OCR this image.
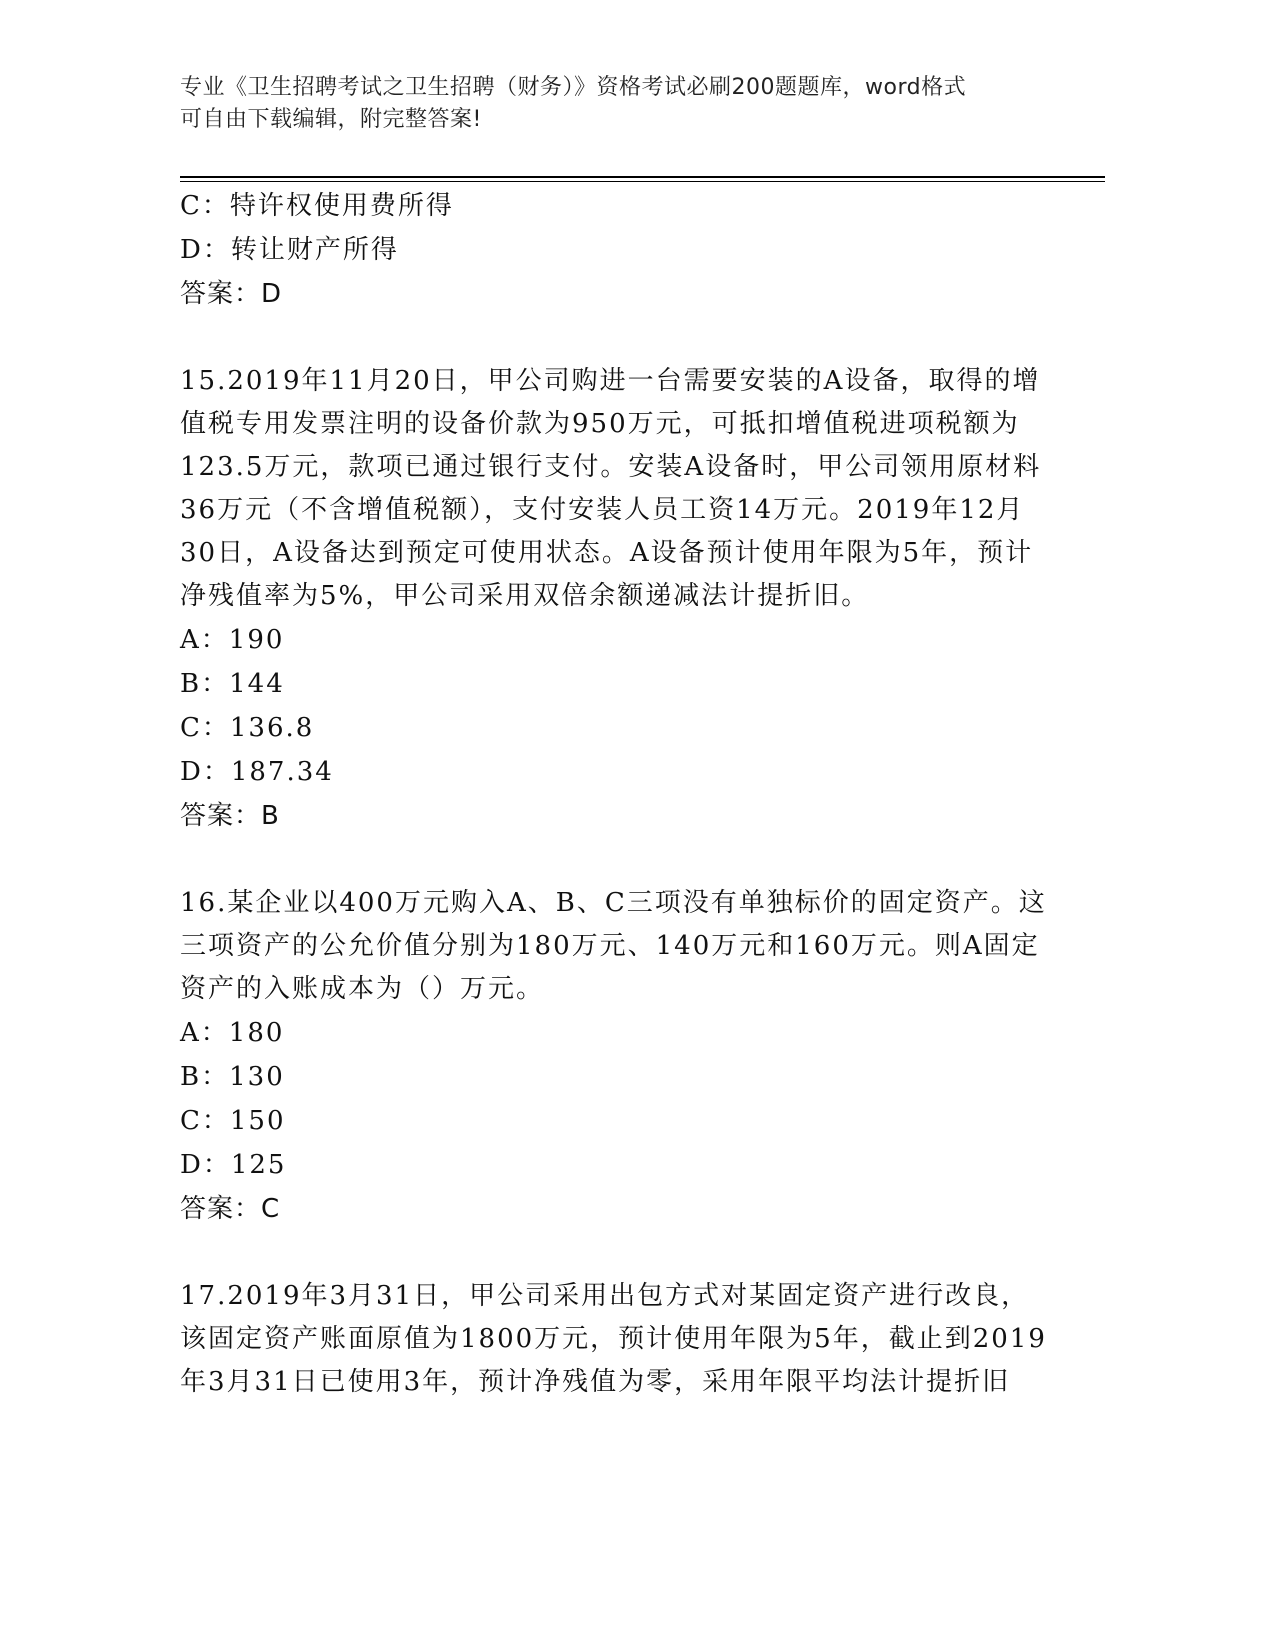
专业《卫生招聘考试之卫生招聘（财务）》资格考试必刷200题题库，word格式
可自由下载编辑，附完整答案!
C：特许权使用费所得
D：转让财产所得
答案：D
15.2019年11月20日，甲公司购进一台需要安装的A设备，取得的增
值税专用发票注明的设备价款为950万元，可抵扣增值税进项税额为
123.5万元，款项已通过银行支付。安装A设备时，甲公司领用原材料
36万元（不含增值税额），支付安装人员工资14万元。2019年12月
30日，A设备达到预定可使用状态。A设备预计使用年限为5年，预计
净残值率为5%，甲公司采用双倍余额递减法计提折旧。
A：190
B：144
C：136.8
D：187.34
答案：B
16.某企业以400万元购入A、B、C三项没有单独标价的固定资产。这
三项资产的公允价值分别为180万元、140万元和160万元。则A固定
资产的入账成本为（）万元。
A：180
B：130
C：150
D：125
答案：C
17.2019年3月31日，甲公司采用出包方式对某固定资产进行改良，
该固定资产账面原值为1800万元，预计使用年限为5年，截止到2019
年3月31日已使用3年，预计净残值为零，采用年限平均法计提折旧
